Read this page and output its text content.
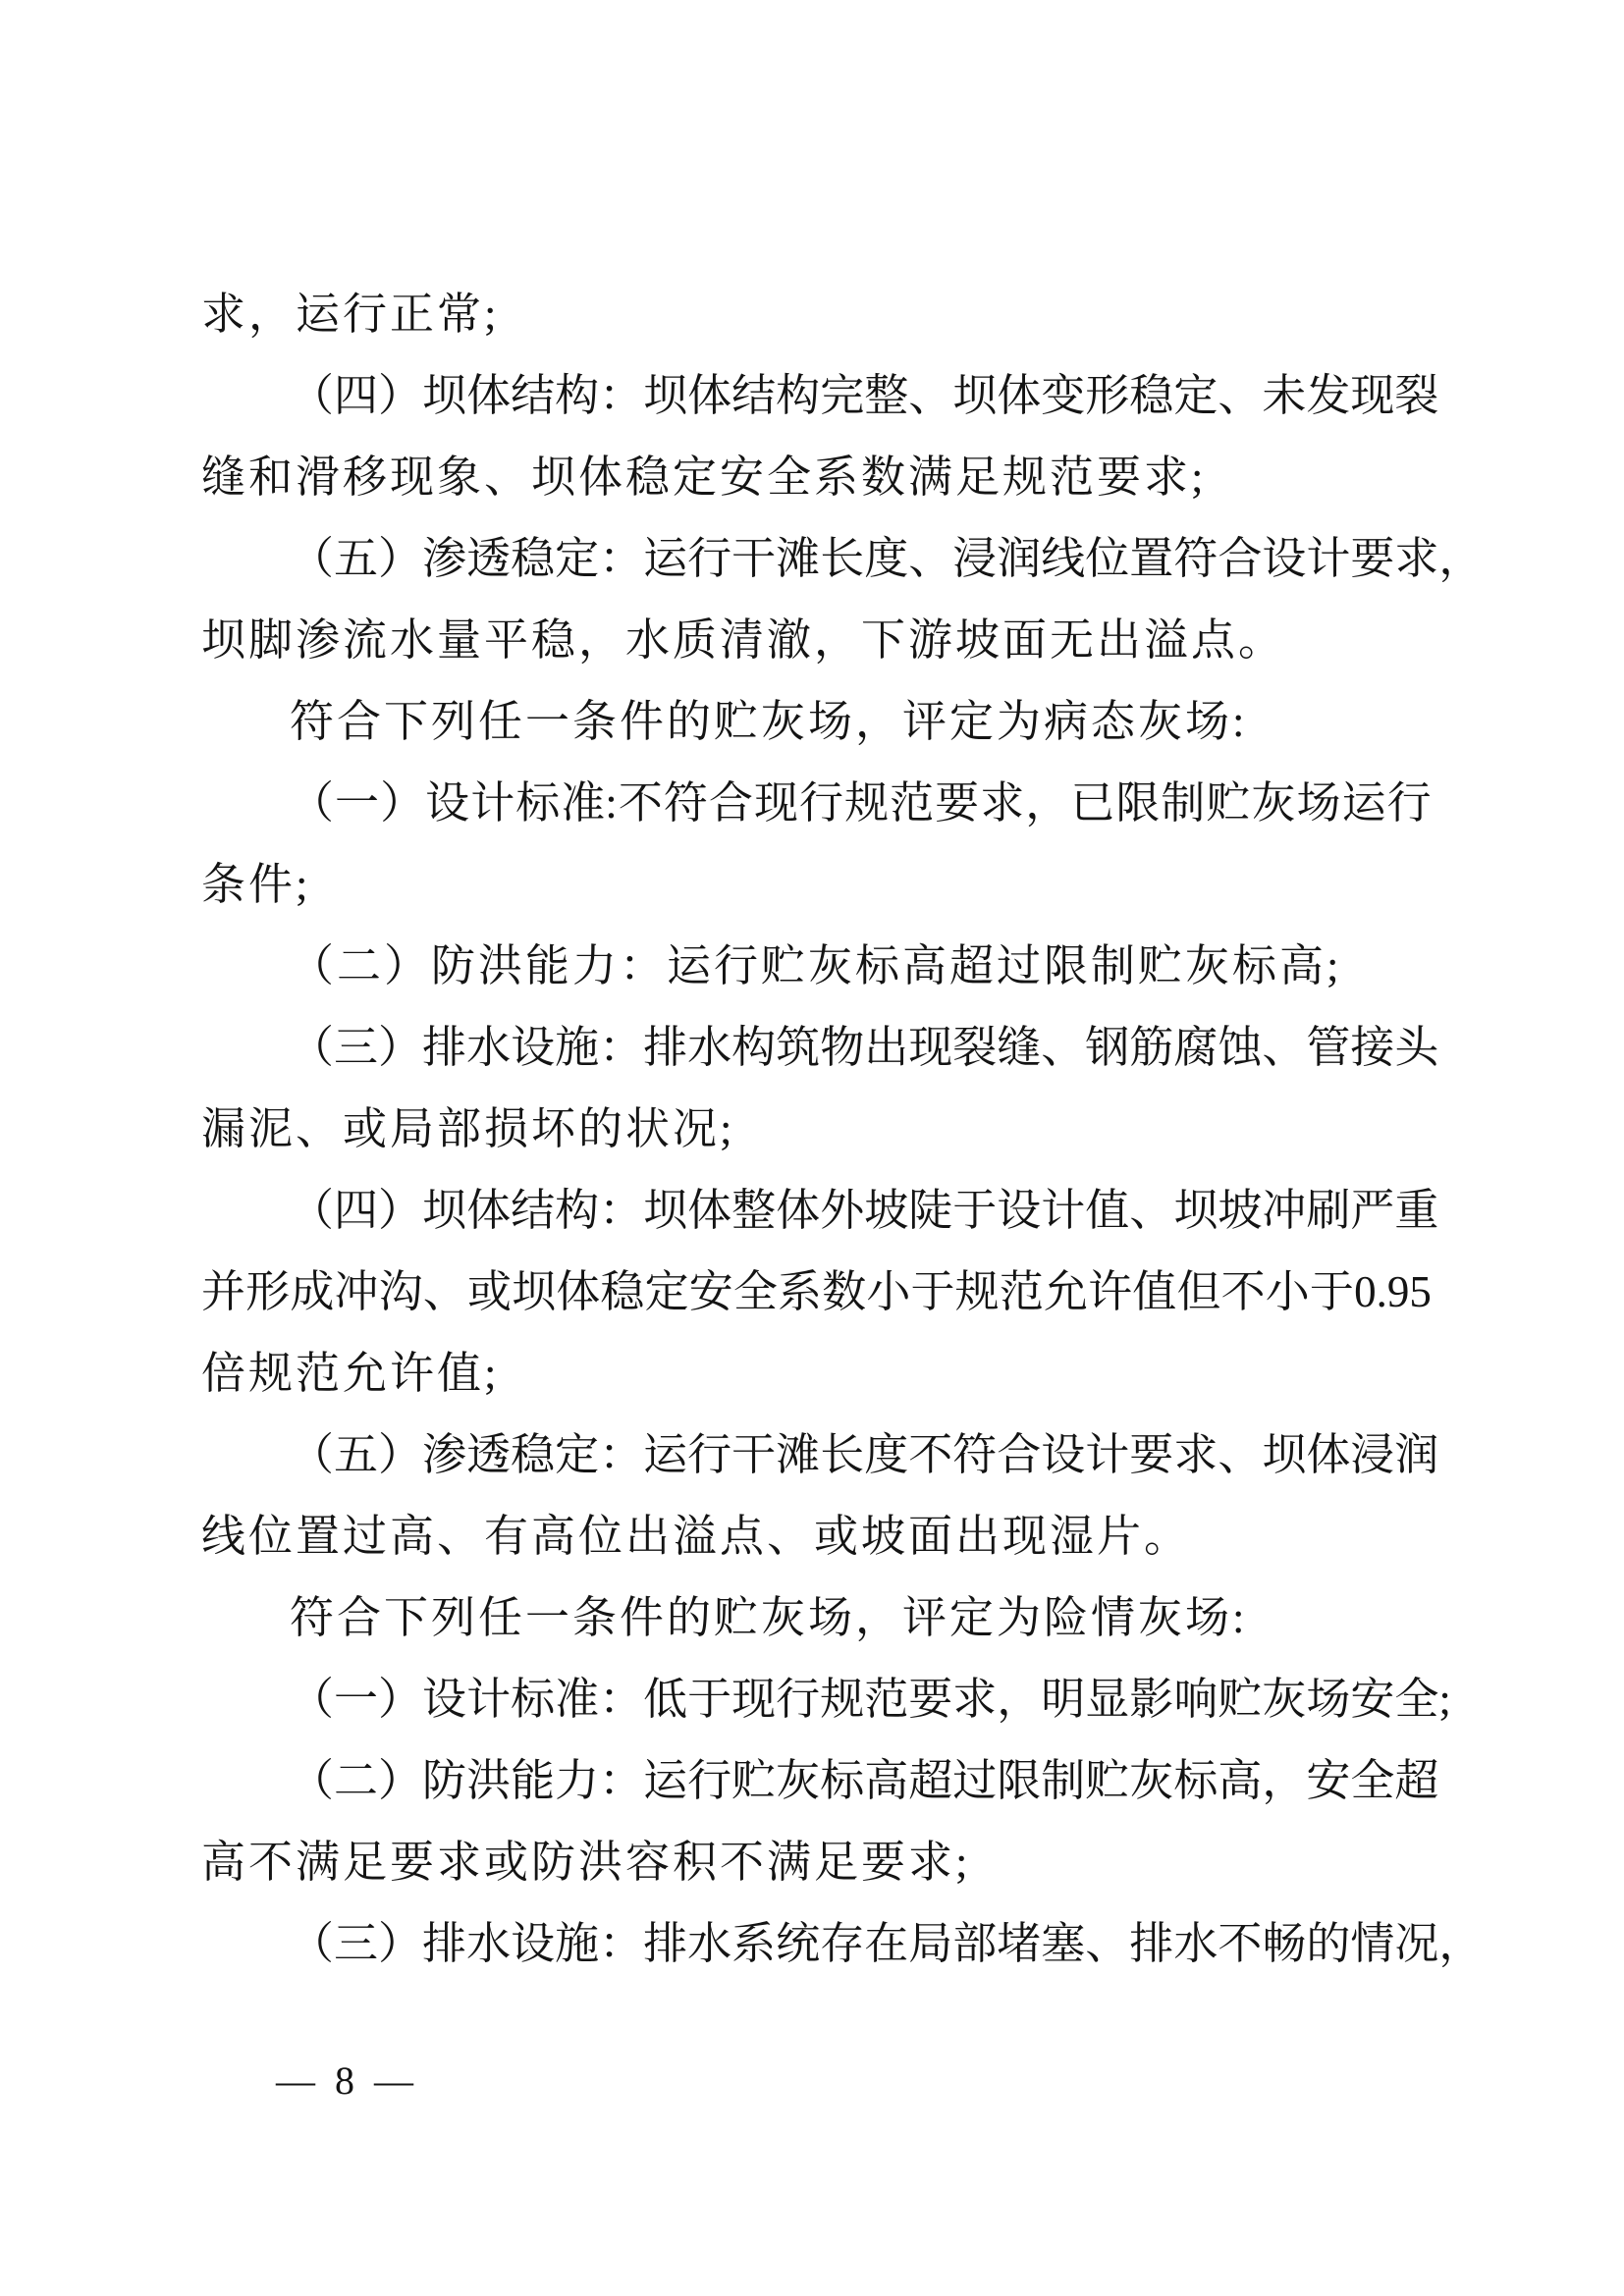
求，运行正常;
（ 四 ） 坝 体 结 构 ： 坝 体 结 构 完 整 、 坝 体 变 形 稳 定 、 未 发 现 裂
缝和滑移现象、坝体稳定安全系数满足规范要求;
（ 五 ） 渗 透 稳 定 ： 运 行 干 滩 长 度 、 浸 润 线 位 置 符 合 设 计 要 求 ，
坝脚渗流水量平稳，水质清澈，下游坡面无出溢点。
符合下列任一条件的贮灰场，评定为病态灰场:
（ 一 ） 设 计 标 准: 不 符 合 现 行 规 范 要 求 ， 已 限 制 贮 灰 场 运 行
条件;
（二）防洪能力：运行贮灰标高超过限制贮灰标高;
（ 三 ） 排 水 设 施 ： 排 水 构 筑 物 出 现 裂 缝 、 钢 筋 腐 蚀 、 管 接 头
漏泥、或局部损坏的状况;
（ 四 ） 坝 体 结 构 ： 坝 体 整 体 外 坡 陡 于 设 计 值 、 坝 坡 冲 刷 严 重
并 形 成 冲 沟 、 或 坝 体 稳 定 安 全 系 数 小 于 规 范 允 许 值 但 不 小 于 0.95
倍规范允许值;
（ 五 ） 渗 透 稳 定 ： 运 行 干 滩 长 度 不 符 合 设 计 要 求 、 坝 体 浸 润
线位置过高、有高位出溢点、或坡面出现湿片。
符合下列任一条件的贮灰场，评定为险情灰场:
（ 一 ） 设 计 标 准 ： 低 于 现 行 规 范 要 求 ， 明 显 影 响 贮 灰 场 安 全;
（ 二 ） 防 洪 能 力 ： 运 行 贮 灰 标 高 超 过 限 制 贮 灰 标 高 ， 安 全 超
高不满足要求或防洪容积不满足要求;
（ 三 ） 排 水 设 施 ： 排 水 系 统 存 在 局 部 堵 塞 、 排 水 不 畅 的 情 况 ，
— 8 —
